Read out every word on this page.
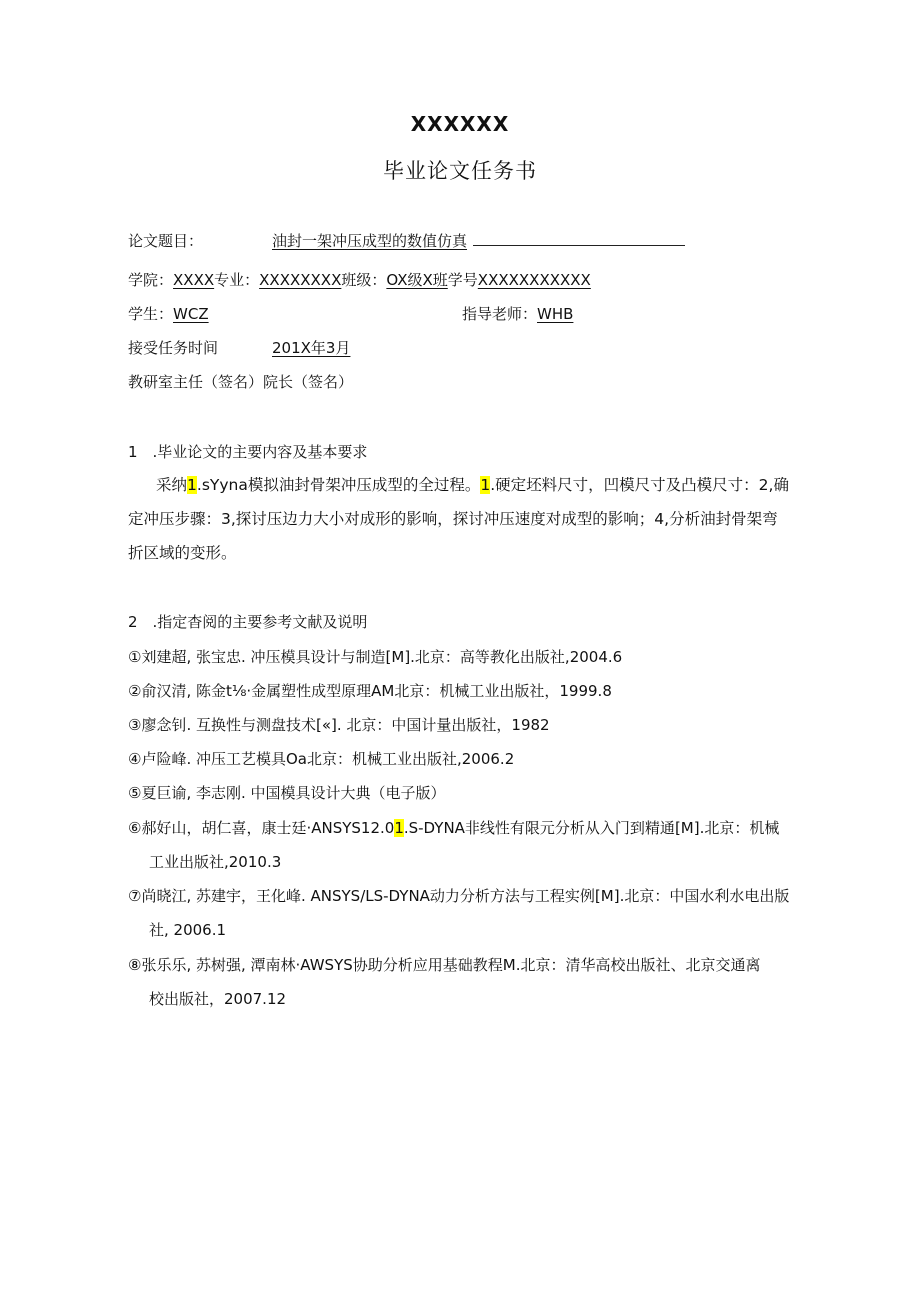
XXXXXX
毕业论文任务书
论文题目：	油封一架冲压成型的数值仿真
学院：XXXX专业：XXXXXXXX班级：OX级X班学号XXXXXXXXXXX
学生：WCZ	指导老师：WHB
接受任务时间	201X年3月
教研室主任（签名）院长（签名）
1　.毕业论文的主要内容及基本要求
采纳1.sYyna模拟油封骨架冲压成型的全过程。1.硬定坯料尺寸，凹模尺寸及凸模尺寸：2,确
定冲压步骤：3,探讨压边力大小对成形的影响，探讨冲压速度对成型的影响；4,分析油封骨架弯
折区域的变形。
2　.指定杳阅的主要参考文献及说明
①刘建超, 张宝忠. 冲压模具设计与制造[M].北京：高等教化出版社,2004.6
②俞汉清, 陈金t⅛·金属塑性成型原理AM北京：机械工业出版社，1999.8
③廖念钊. 互换性与测盘技术[«]. 北京：中国计量出版社，1982
④卢险峰. 冲压工艺模具Oa北京：机械工业出版社,2006.2
⑤夏巨谕, 李志刚. 中国模具设计大典（电子版）
⑥郝好山，胡仁喜，康士廷·ANSYS12.01.S-DYNA非线性有限元分析从入门到精通[M].北京：机械
工业出版社,2010.3
⑦尚晓江, 苏建宇，王化峰. ANSYS/LS-DYNA动力分析方法与工程实例[M].北京：中国水利水电出版
社, 2006.1
⑧张乐乐, 苏树强, 潭南林·AWSYS协助分析应用基础教程M.北京：清华高校出版社、北京交通离
校出版社，2007.12
